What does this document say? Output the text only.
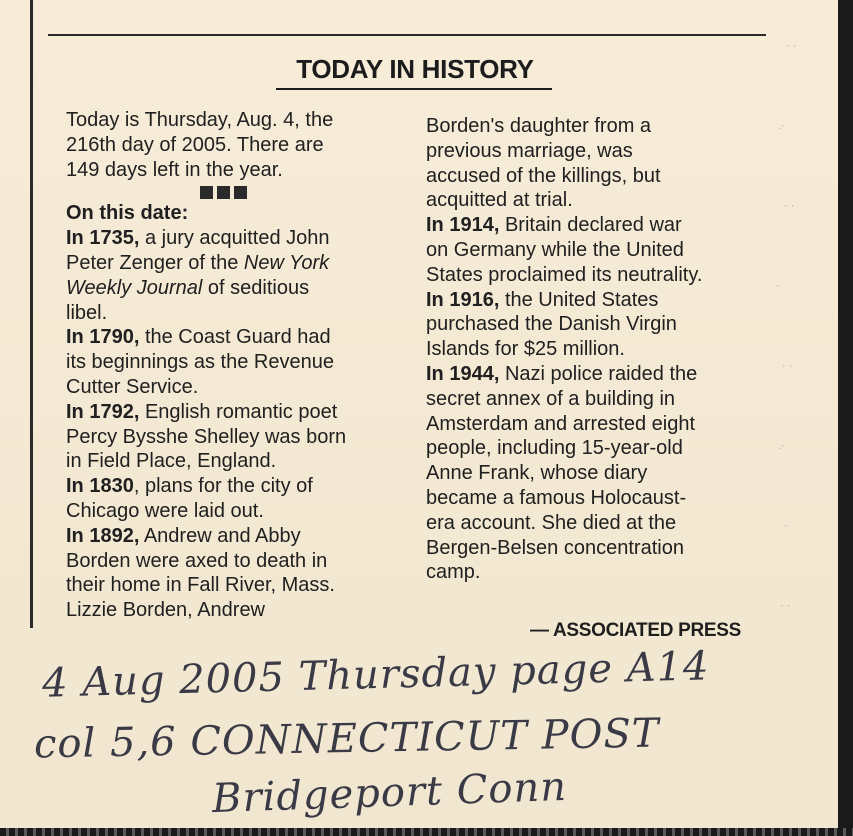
TODAY IN HISTORY

Today is Thursday, Aug. 4, the

216th day of 2005. There are

149 days left in the year.

On this date:

In 1735, a jury acquitted John

Peter Zenger of the New York

Weekly Journal of seditious

libel.

In 1790, the Coast Guard had

its beginnings as the Revenue

Cutter Service.

In 1792, English romantic poet

Percy Bysshe Shelley was born

in Field Place, England.

In 1830, plans for the city of

Chicago were laid out.

In 1892, Andrew and Abby

Borden were axed to death in

their home in Fall River, Mass.

Lizzie Borden, Andrew

Borden's daughter from a

previous marriage, was

accused of the killings, but

acquitted at trial.

In 1914, Britain declared war

on Germany while the United

States proclaimed its neutrality.

In 1916, the United States

purchased the Danish Virgin

Islands for $25 million.

In 1944, Nazi police raided the

secret annex of a building in

Amsterdam and arrested eight

people, including 15-year-old

Anne Frank, whose diary

became a famous Holocaust-

era account. She died at the

Bergen-Belsen concentration

camp.

— ASSOCIATED PRESS
· ·
.·
· ·
·
· ·
.·
·
· ·
4 Aug 2005 Thursday page A14
col 5,6 CONNECTICUT POST
Bridgeport Conn
